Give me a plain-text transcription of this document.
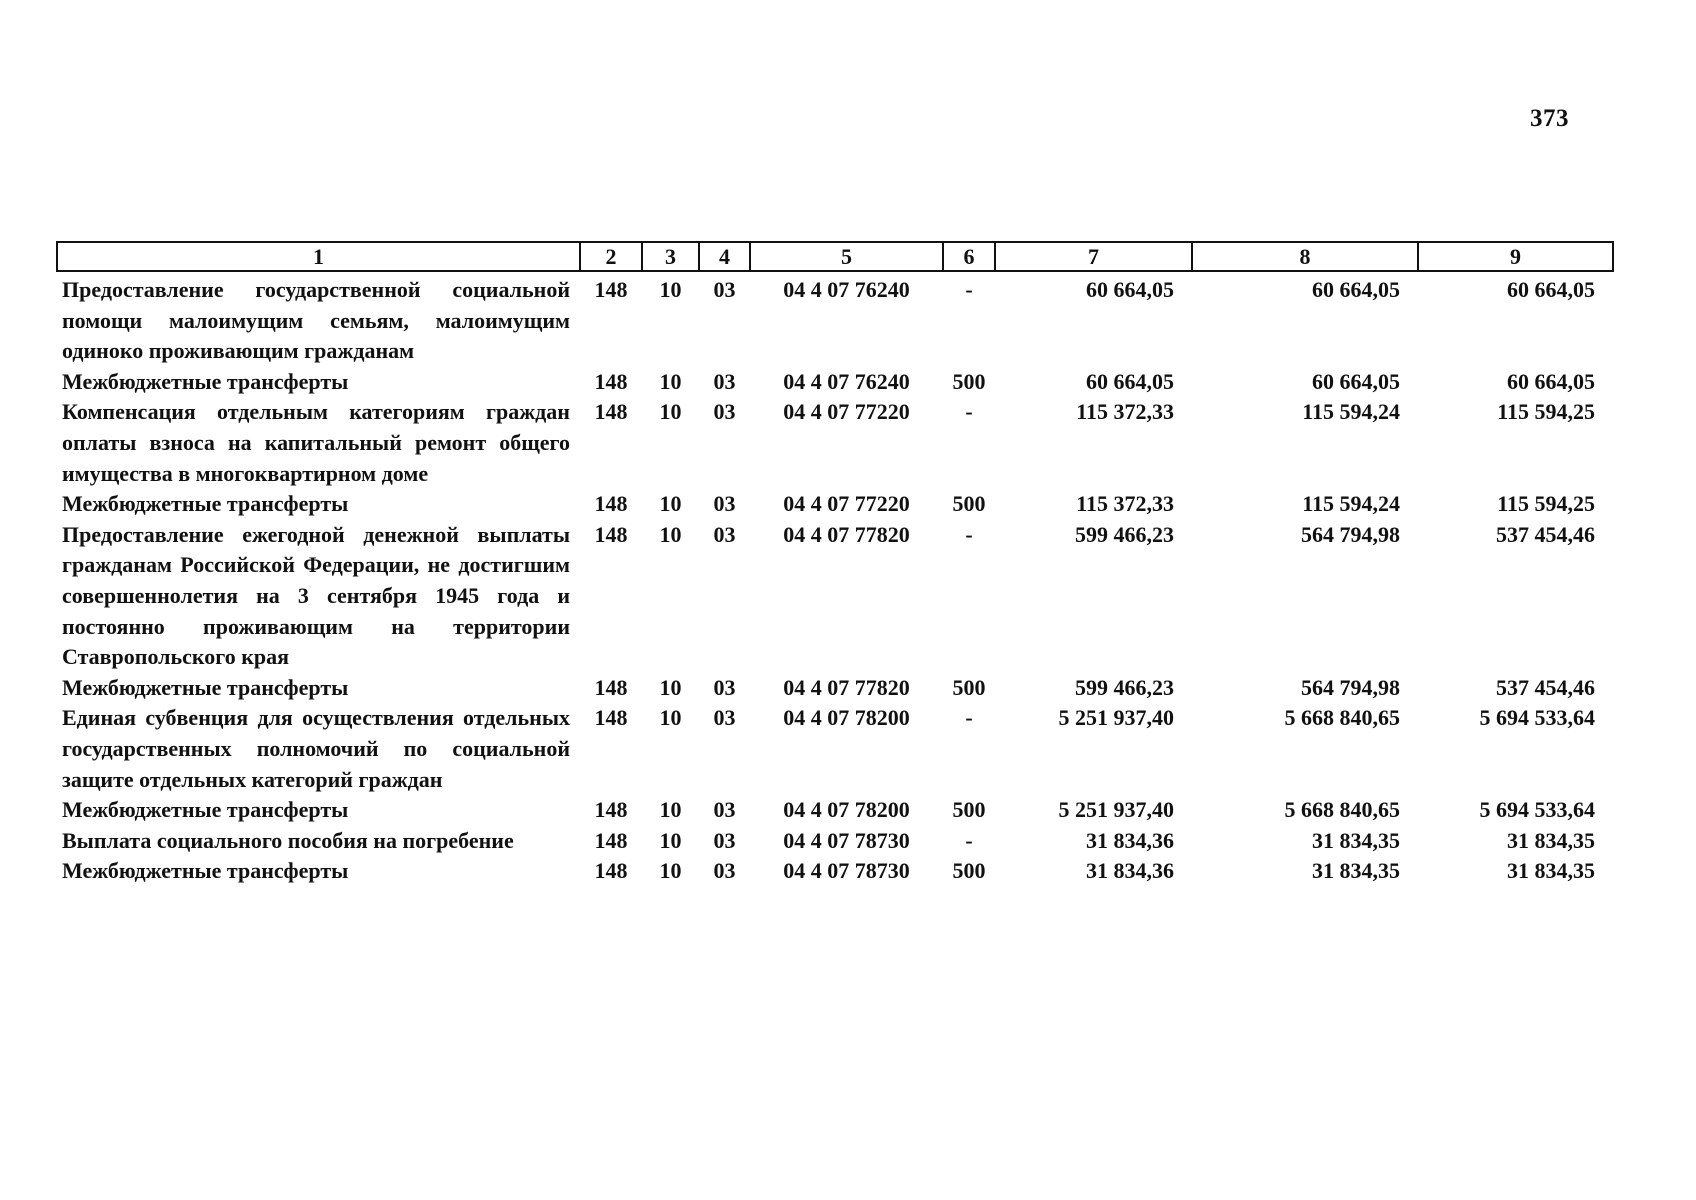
373
1	2	3	4	5	6	7	8	9
Предоставление государственной социальной помощи малоимущим семьям, малоимущим одиноко проживающим гражданам	148	10	03	04 4 07 76240	-	60 664,05	60 664,05	60 664,05
Межбюджетные трансферты	148	10	03	04 4 07 76240	500	60 664,05	60 664,05	60 664,05
Компенсация отдельным категориям граждан оплаты взноса на капитальный ремонт общего имущества в многоквартирном доме	148	10	03	04 4 07 77220	-	115 372,33	115 594,24	115 594,25
Межбюджетные трансферты	148	10	03	04 4 07 77220	500	115 372,33	115 594,24	115 594,25
Предоставление ежегодной денежной выплаты гражданам Российской Федерации, не достигшим совершеннолетия на 3 сентября 1945 года и постоянно проживающим на территории Ставропольского края	148	10	03	04 4 07 77820	-	599 466,23	564 794,98	537 454,46
Межбюджетные трансферты	148	10	03	04 4 07 77820	500	599 466,23	564 794,98	537 454,46
Единая субвенция для осуществления отдельных государственных полномочий по социальной защите отдельных категорий граждан	148	10	03	04 4 07 78200	-	5 251 937,40	5 668 840,65	5 694 533,64
Межбюджетные трансферты	148	10	03	04 4 07 78200	500	5 251 937,40	5 668 840,65	5 694 533,64
Выплата социального пособия на погребение	148	10	03	04 4 07 78730	-	31 834,36	31 834,35	31 834,35
Межбюджетные трансферты	148	10	03	04 4 07 78730	500	31 834,36	31 834,35	31 834,35
